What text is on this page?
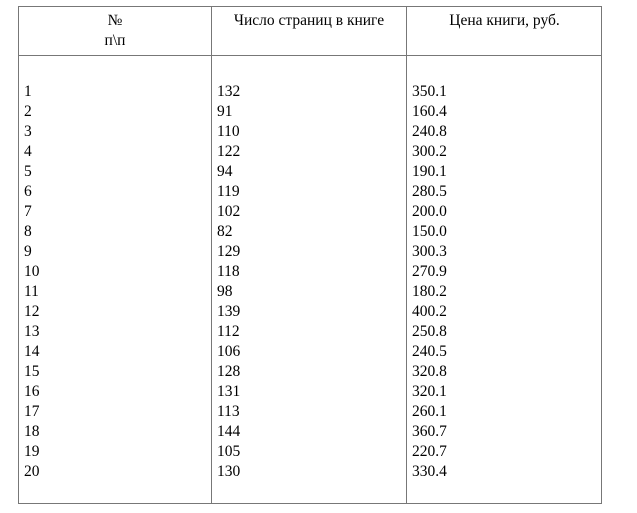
№
п\п
Число страниц в книге	Цена книги, руб.
1
2
3
4
5
6
7
8
9
10
11
12
13
14
15
16
17
18
19
20
132
91
110
122
94
119
102
82
129
118
98
139
112
106
128
131
113
144
105
130
350.1
160.4
240.8
300.2
190.1
280.5
200.0
150.0
300.3
270.9
180.2
400.2
250.8
240.5
320.8
320.1
260.1
360.7
220.7
330.4
